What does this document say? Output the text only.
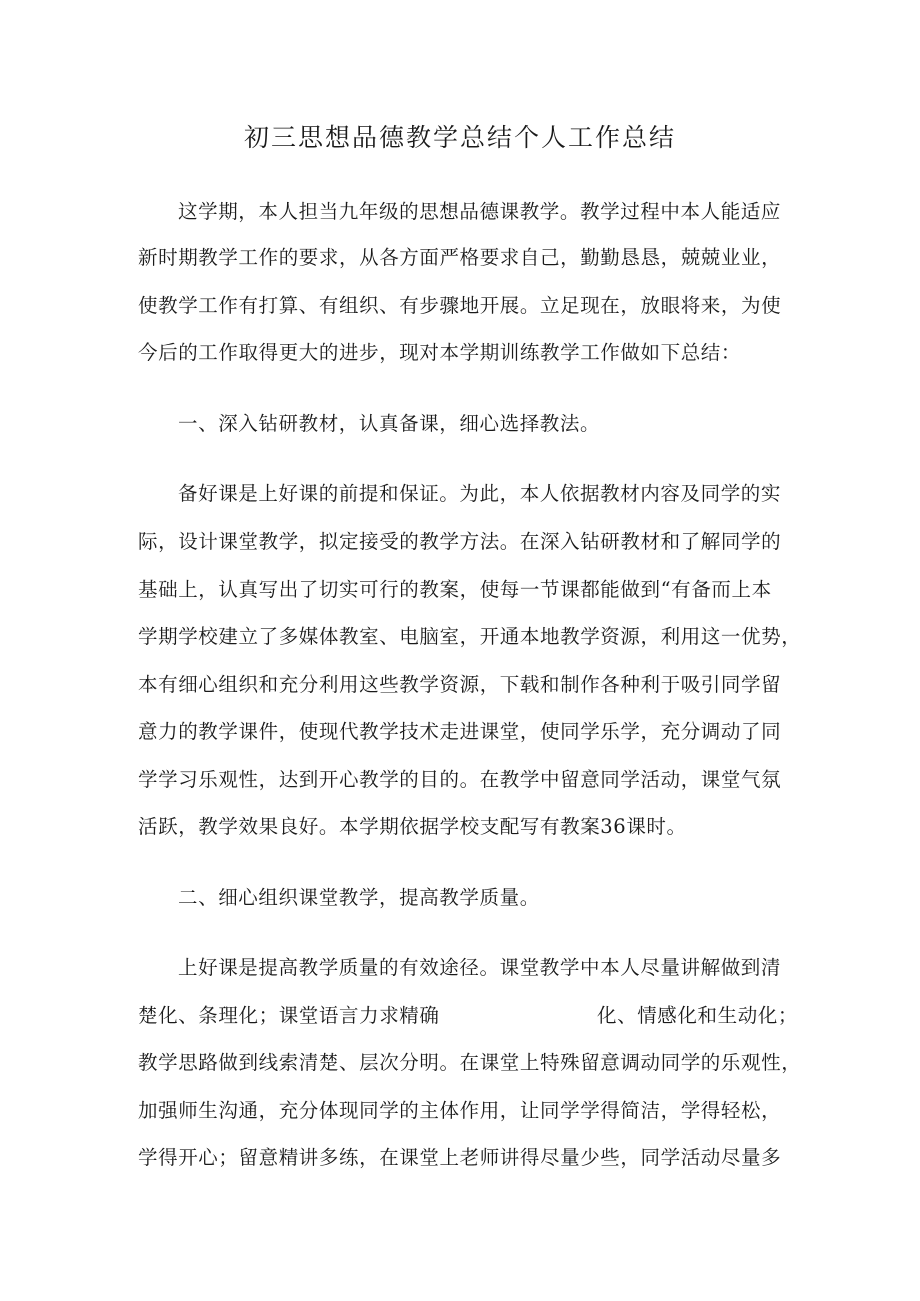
初三思想品德教学总结个人工作总结
这学期，本人担当九年级的思想品德课教学。教学过程中本人能适应
新时期教学工作的要求，从各方面严格要求自己，勤勤恳恳，兢兢业业，
使教学工作有打算、有组织、有步骤地开展。立足现在，放眼将来，为使
今后的工作取得更大的进步，现对本学期训练教学工作做如下总结：
一、深入钻研教材，认真备课，细心选择教法。
备好课是上好课的前提和保证。为此，本人依据教材内容及同学的实
际，设计课堂教学，拟定接受的教学方法。在深入钻研教材和了解同学的
基础上，认真写出了切实可行的教案，使每一节课都能做到“有备而上本
学期学校建立了多媒体教室、电脑室，开通本地教学资源，利用这一优势，
本有细心组织和充分利用这些教学资源，下载和制作各种利于吸引同学留
意力的教学课件，使现代教学技术走进课堂，使同学乐学，充分调动了同
学学习乐观性，达到开心教学的目的。在教学中留意同学活动，课堂气氛
活跃，教学效果良好。本学期依据学校支配写有教案36课时。
二、细心组织课堂教学，提高教学质量。
上好课是提高教学质量的有效途径。课堂教学中本人尽量讲解做到清
楚化、条理化；课堂语言力求精确	化、情感化和生动化；
教学思路做到线索清楚、层次分明。在课堂上特殊留意调动同学的乐观性，
加强师生沟通，充分体现同学的主体作用，让同学学得简洁，学得轻松，
学得开心；留意精讲多练，在课堂上老师讲得尽量少些，同学活动尽量多
